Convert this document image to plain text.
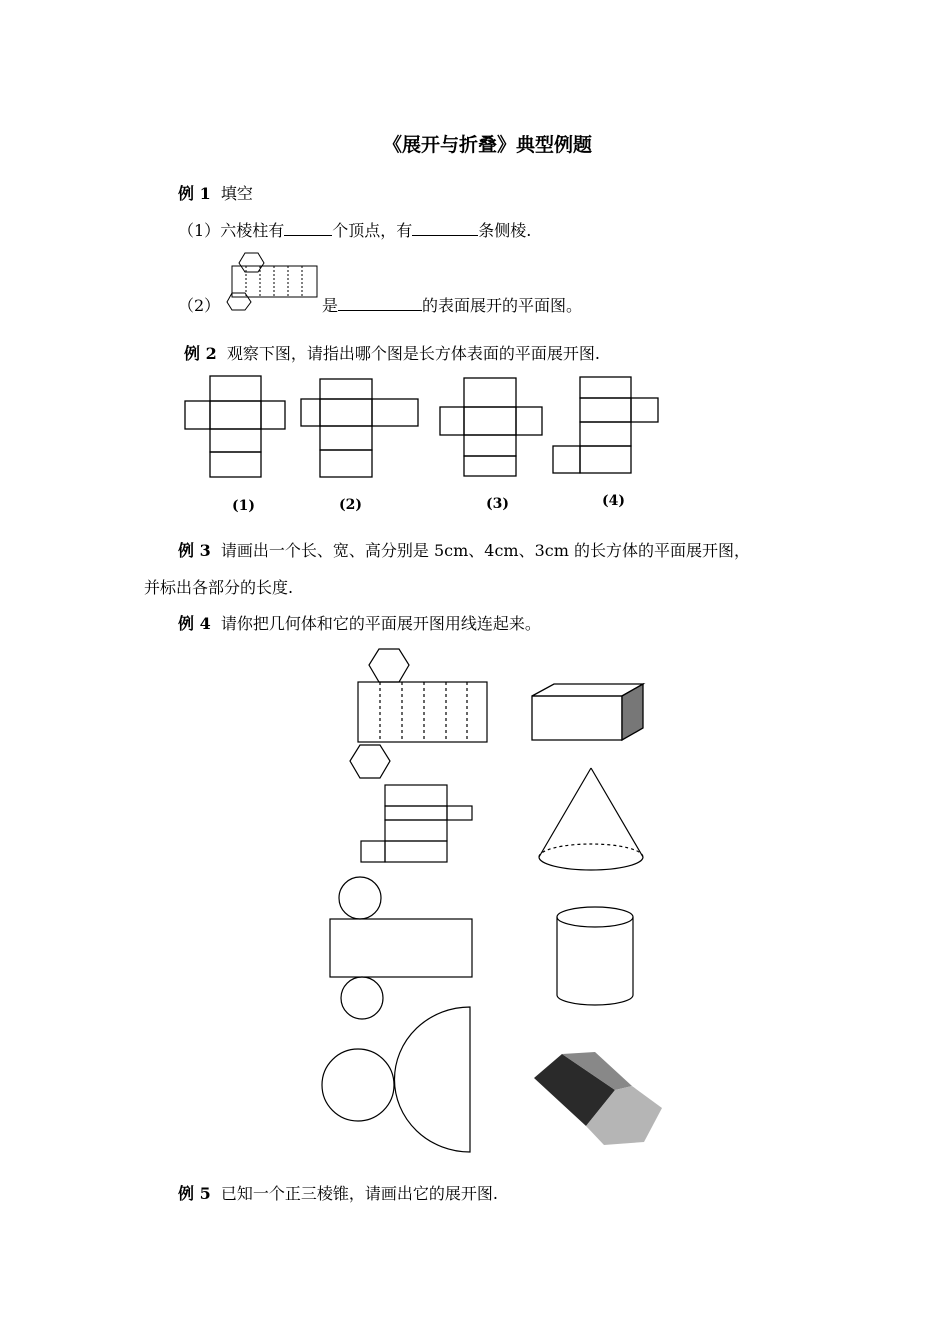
《展开与折叠》典型例题
例 1 填空
（1）六棱柱有	个顶点，有	条侧棱.
（2）	是	的表面展开的平面图。
例 2 观察下图，请指出哪个图是长方体表面的平面展开图.
(1)	(2)	(3)	(4)
例 3 请画出一个长、宽、高分别是 5cm、4cm、3cm 的长方体的平面展开图，
并标出各部分的长度.
例 4 请你把几何体和它的平面展开图用线连起来。
例 5 已知一个正三棱锥，请画出它的展开图.
